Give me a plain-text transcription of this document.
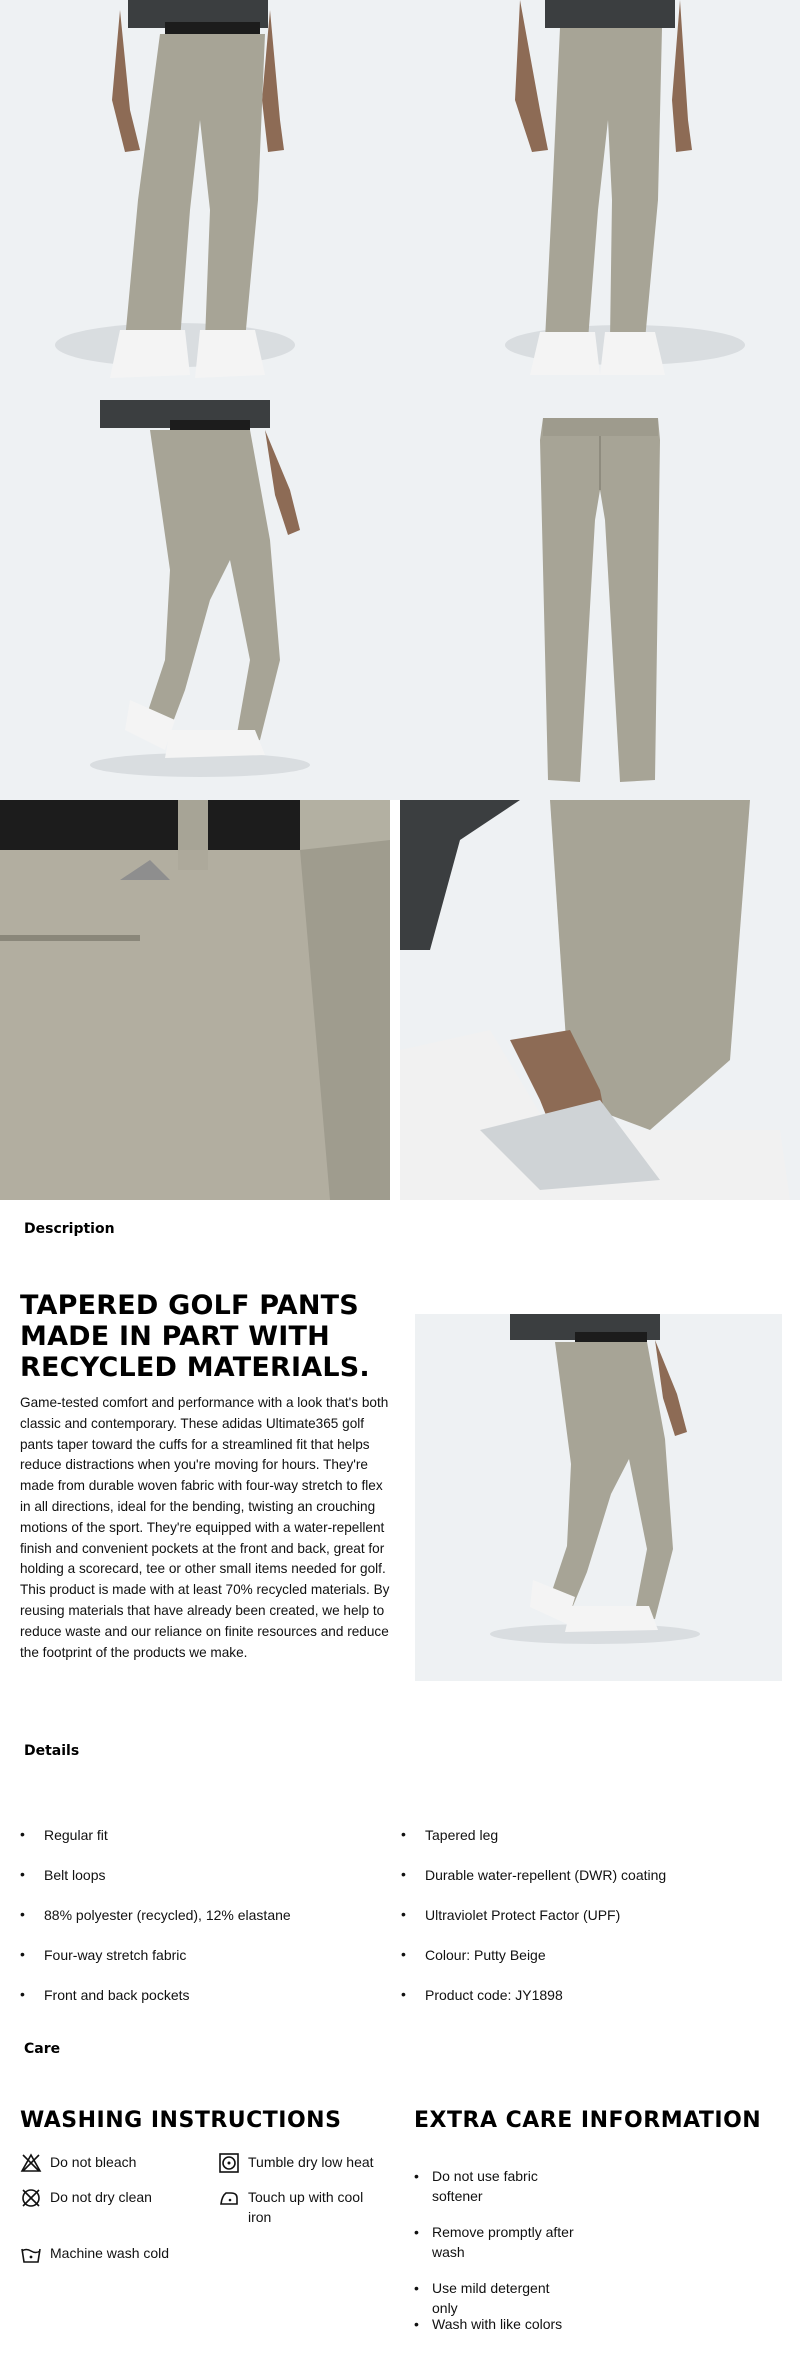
Description
TAPERED GOLF PANTS MADE IN PART WITH RECYCLED MATERIALS.

Game-tested comfort and performance with a look that's both classic and contemporary. These adidas Ultimate365 golf pants taper toward the cuffs for a streamlined fit that helps reduce distractions when you're moving for hours. They're made from durable woven fabric with four-way stretch to flex in all directions, ideal for the bending, twisting an crouching motions of the sport. They're equipped with a water-repellent finish and convenient pockets at the front and back, great for holding a scorecard, tee or other small items needed for golf. This product is made with at least 70% recycled materials. By reusing materials that have already been created, we help to reduce waste and our reliance on finite resources and reduce the footprint of the products we make.

Details
• Regular fit
• Belt loops
• 88% polyester (recycled), 12% elastane
• Four-way stretch fabric
• Front and back pockets
• Tapered leg
• Durable water-repellent (DWR) coating
• Ultraviolet Protect Factor (UPF)
• Colour: Putty Beige
• Product code: JY1898
Care
WASHING INSTRUCTIONS
Do not bleach	Tumble dry low heat
Do not dry clean	Touch up with cool iron
Machine wash cold
EXTRA CARE INFORMATION
• Do not use fabric softener
• Remove promptly after wash
• Use mild detergent only
• Wash with like colors
